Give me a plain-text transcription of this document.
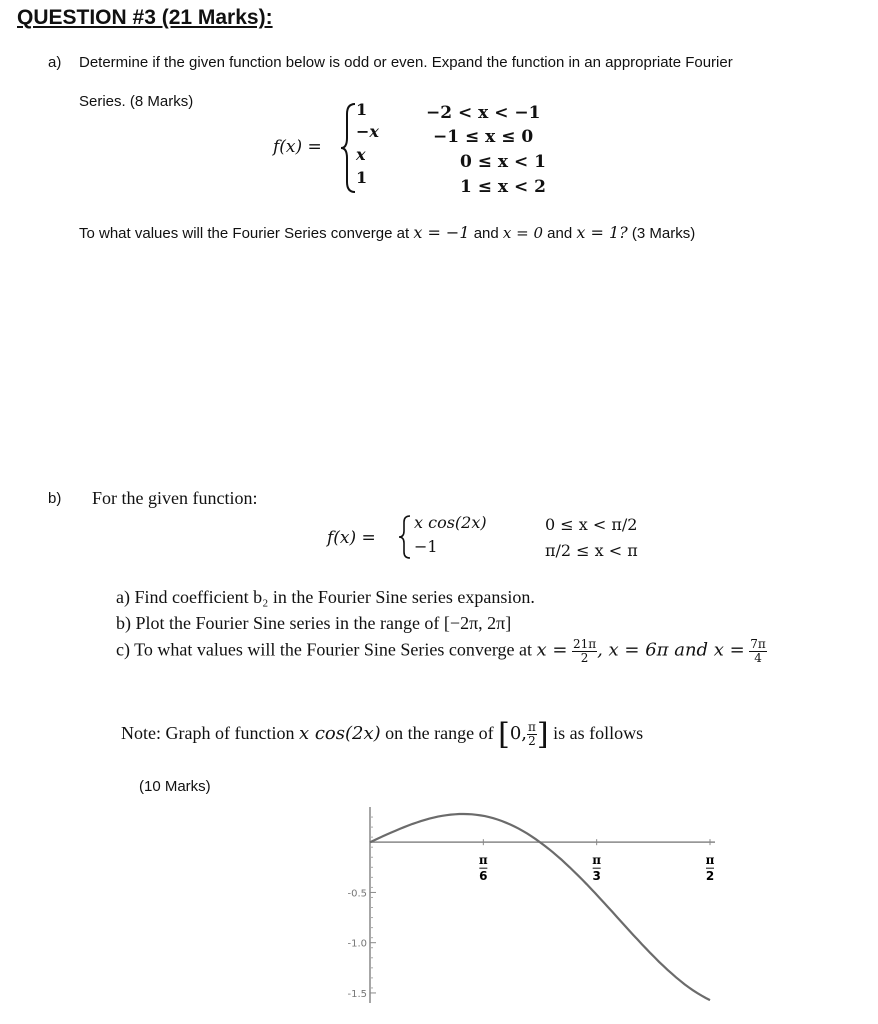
QUESTION #3 (21 Marks):
a) Determine if the given function below is odd or even. Expand the function in an appropriate Fourier
Series. (8 Marks)
f(x) =
1
−x
x
1
−2 < x < −1
−1 ≤ x ≤ 0
0 ≤ x < 1
1 ≤ x < 2
To what values will the Fourier Series converge at x = −1 and x = 0 and x = 1? (3 Marks)
b) For the given function:
f(x) =
x cos(2x)
−1
0 ≤ x < π/2
π/2 ≤ x < π
a) Find coefficient b₂ in the Fourier Sine series expansion.
b) Plot the Fourier Sine series in the range of [−2π, 2π]
c) To what values will the Fourier Sine Series converge at $x = \frac{21\pi}{2}$ , x = 6π and $x = \frac{7\pi}{4}$
Note: Graph of function x cos(2x) on the range of [0, $\frac{\pi}{2}$ ] is as follows
(10 Marks)
π
6
π
3
π
2
-0.5
-1.0
-1.5
